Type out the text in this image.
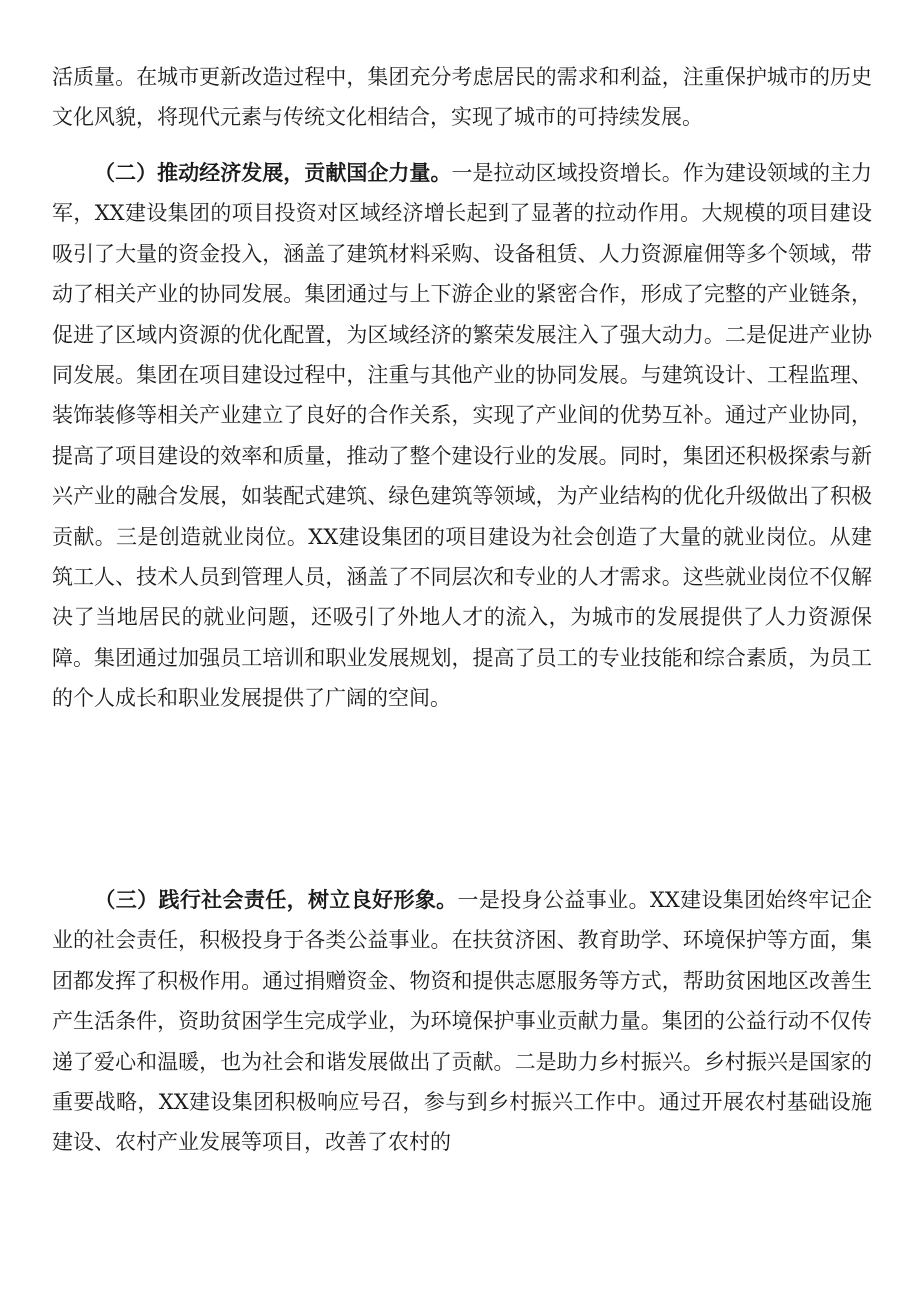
活质量。在城市更新改造过程中，集团充分考虑居民的需求和利益，注重保护城市的历史文化风貌，将现代元素与传统文化相结合，实现了城市的可持续发展。

（二）推动经济发展，贡献国企力量。一是拉动区域投资增长。作为建设领域的主力军，XX建设集团的项目投资对区域经济增长起到了显著的拉动作用。大规模的项目建设吸引了大量的资金投入，涵盖了建筑材料采购、设备租赁、人力资源雇佣等多个领域，带动了相关产业的协同发展。集团通过与上下游企业的紧密合作，形成了完整的产业链条，促进了区域内资源的优化配置，为区域经济的繁荣发展注入了强大动力。二是促进产业协同发展。集团在项目建设过程中，注重与其他产业的协同发展。与建筑设计、工程监理、装饰装修等相关产业建立了良好的合作关系，实现了产业间的优势互补。通过产业协同，提高了项目建设的效率和质量，推动了整个建设行业的发展。同时，集团还积极探索与新兴产业的融合发展，如装配式建筑、绿色建筑等领域，为产业结构的优化升级做出了积极贡献。三是创造就业岗位。XX建设集团的项目建设为社会创造了大量的就业岗位。从建筑工人、技术人员到管理人员，涵盖了不同层次和专业的人才需求。这些就业岗位不仅解决了当地居民的就业问题，还吸引了外地人才的流入，为城市的发展提供了人力资源保障。集团通过加强员工培训和职业发展规划，提高了员工的专业技能和综合素质，为员工的个人成长和职业发展提供了广阔的空间。

（三）践行社会责任，树立良好形象。一是投身公益事业。XX建设集团始终牢记企业的社会责任，积极投身于各类公益事业。在扶贫济困、教育助学、环境保护等方面，集团都发挥了积极作用。通过捐赠资金、物资和提供志愿服务等方式，帮助贫困地区改善生产生活条件，资助贫困学生完成学业，为环境保护事业贡献力量。集团的公益行动不仅传递了爱心和温暖，也为社会和谐发展做出了贡献。二是助力乡村振兴。乡村振兴是国家的重要战略，XX建设集团积极响应号召，参与到乡村振兴工作中。通过开展农村基础设施建设、农村产业发展等项目，改善了农村的
